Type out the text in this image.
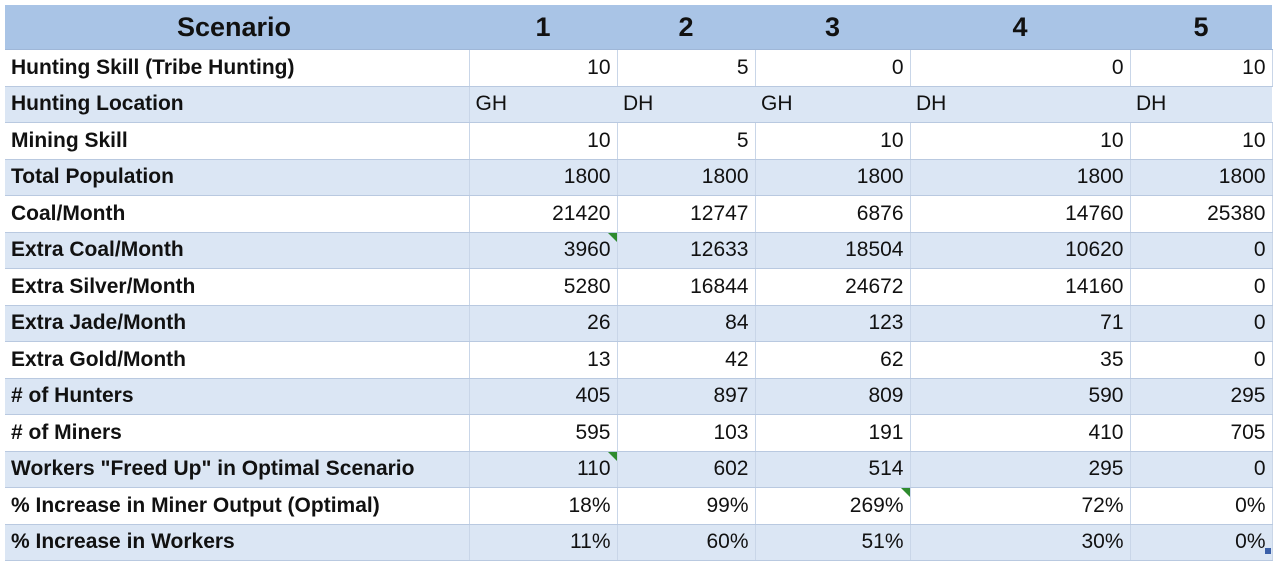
Scenario	1	2	3	4	5
Hunting Skill (Tribe Hunting)	10	5	0	0	10
Hunting Location	GH	DH	GH	DH	DH
Mining Skill	10	5	10	10	10
Total Population	1800	1800	1800	1800	1800
Coal/Month	21420	12747	6876	14760	25380
Extra Coal/Month	3960	12633	18504	10620	0
Extra Silver/Month	5280	16844	24672	14160	0
Extra Jade/Month	26	84	123	71	0
Extra Gold/Month	13	42	62	35	0
# of Hunters	405	897	809	590	295
# of Miners	595	103	191	410	705
Workers "Freed Up" in Optimal Scenario	110	602	514	295	0
% Increase in Miner Output (Optimal)	18%	99%	269%	72%	0%
% Increase in Workers	11%	60%	51%	30%	0%
